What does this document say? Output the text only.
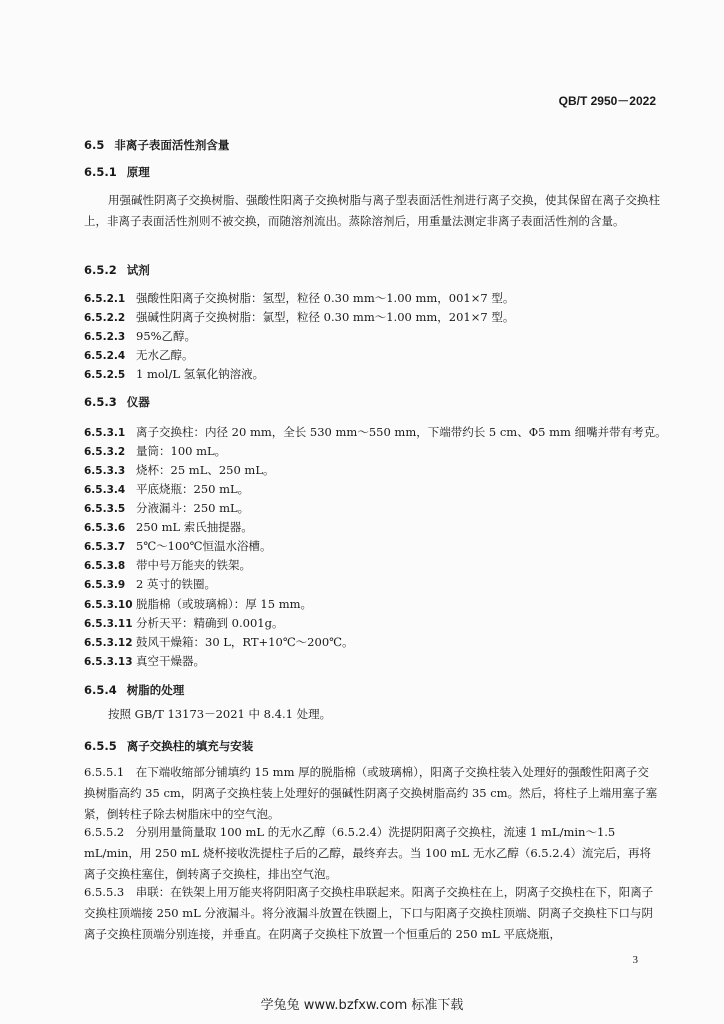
QB/T 2950－2022
6.5 非离子表面活性剂含量
6.5.1 原理
用强碱性阴离子交换树脂、强酸性阳离子交换树脂与离子型表面活性剂进行离子交换，使其保留在离子交换柱上，非离子表面活性剂则不被交换，而随溶剂流出。蒸除溶剂后，用重量法测定非离子表面活性剂的含量。
6.5.2 试剂
6.5.2.1 强酸性阳离子交换树脂：氢型，粒径 0.30 mm～1.00 mm，001×7 型。
6.5.2.2 强碱性阴离子交换树脂：氯型，粒径 0.30 mm～1.00 mm，201×7 型。
6.5.2.3 95%乙醇。
6.5.2.4 无水乙醇。
6.5.2.5 1 mol/L 氢氧化钠溶液。
6.5.3 仪器
6.5.3.1 离子交换柱：内径 20 mm，全长 530 mm～550 mm，下端带约长 5 cm、Φ5 mm 细嘴并带有考克。
6.5.3.2 量筒：100 mL。
6.5.3.3 烧杯：25 mL、250 mL。
6.5.3.4 平底烧瓶：250 mL。
6.5.3.5 分液漏斗：250 mL。
6.5.3.6 250 mL 索氏抽提器。
6.5.3.7 5℃～100℃恒温水浴槽。
6.5.3.8 带中号万能夹的铁架。
6.5.3.9 2 英寸的铁圈。
6.5.3.10 脱脂棉（或玻璃棉）：厚 15 mm。
6.5.3.11 分析天平：精确到 0.001g。
6.5.3.12 鼓风干燥箱：30 L，RT+10℃～200℃。
6.5.3.13 真空干燥器。
6.5.4 树脂的处理
按照 GB/T 13173－2021 中 8.4.1 处理。
6.5.5 离子交换柱的填充与安装
6.5.5.1　在下端收缩部分铺填约 15 mm 厚的脱脂棉（或玻璃棉），阳离子交换柱装入处理好的强酸性阳离子交换树脂高约 35 cm，阴离子交换柱装上处理好的强碱性阴离子交换树脂高约 35 cm。然后，将柱子上端用塞子塞紧，倒转柱子除去树脂床中的空气泡。
6.5.5.2　分别用量筒量取 100 mL 的无水乙醇（6.5.2.4）洗提阴阳离子交换柱，流速 1 mL/min～1.5 mL/min，用 250 mL 烧杯接收洗提柱子后的乙醇，最终弃去。当 100 mL 无水乙醇（6.5.2.4）流完后，再将离子交换柱塞住，倒转离子交换柱，排出空气泡。
6.5.5.3　串联：在铁架上用万能夹将阴阳离子交换柱串联起来。阳离子交换柱在上，阴离子交换柱在下，阳离子交换柱顶端接 250 mL 分液漏斗。将分液漏斗放置在铁圈上，下口与阳离子交换柱顶端、阴离子交换柱下口与阴离子交换柱顶端分别连接，并垂直。在阴离子交换柱下放置一个恒重后的 250 mL 平底烧瓶，
3
学兔兔 www.bzfxw.com 标准下载
